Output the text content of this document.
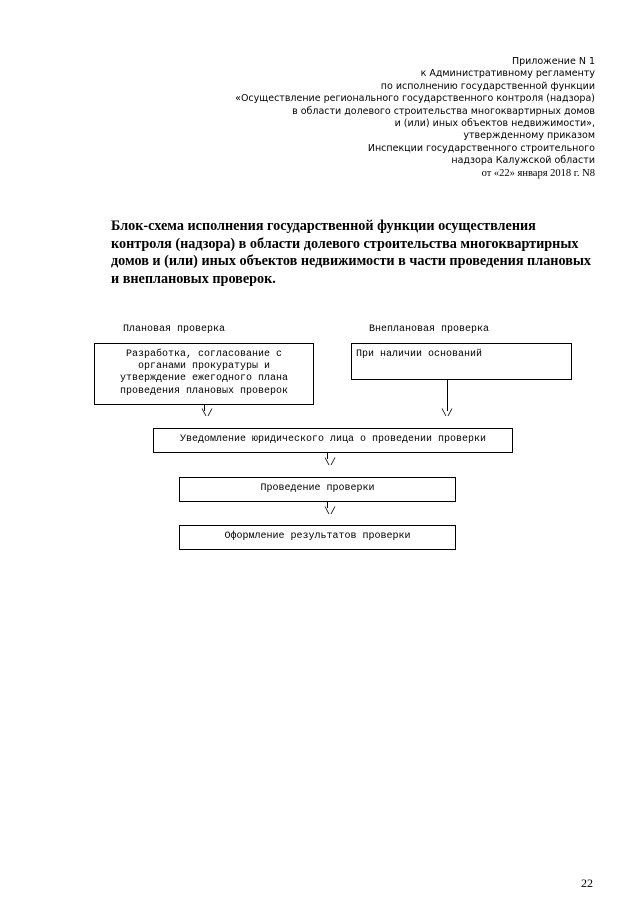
Приложение N 1
к Административному регламенту
по исполнению государственной функции
«Осуществление регионального государственного контроля (надзора)
в области долевого строительства многоквартирных домов
и (или) иных объектов недвижимости»,
утвержденному приказом
Инспекции государственного строительного
надзора Калужской области
от «22» января 2018 г. N8
Блок-схема исполнения государственной функции осуществления
контроля (надзора) в области долевого строительства многоквартирных
домов и (или) иных объектов недвижимости в части проведения плановых
и внеплановых проверок.
Плановая проверка	Внеплановая проверка
Разработка, согласование с
органами прокуратуры и
утверждение ежегодного плана
проведения плановых проверок
При наличии оснований
\/	\/
Уведомление юридического лица о проведении проверки
\/
Проведение проверки
\/
Оформление результатов проверки
22
